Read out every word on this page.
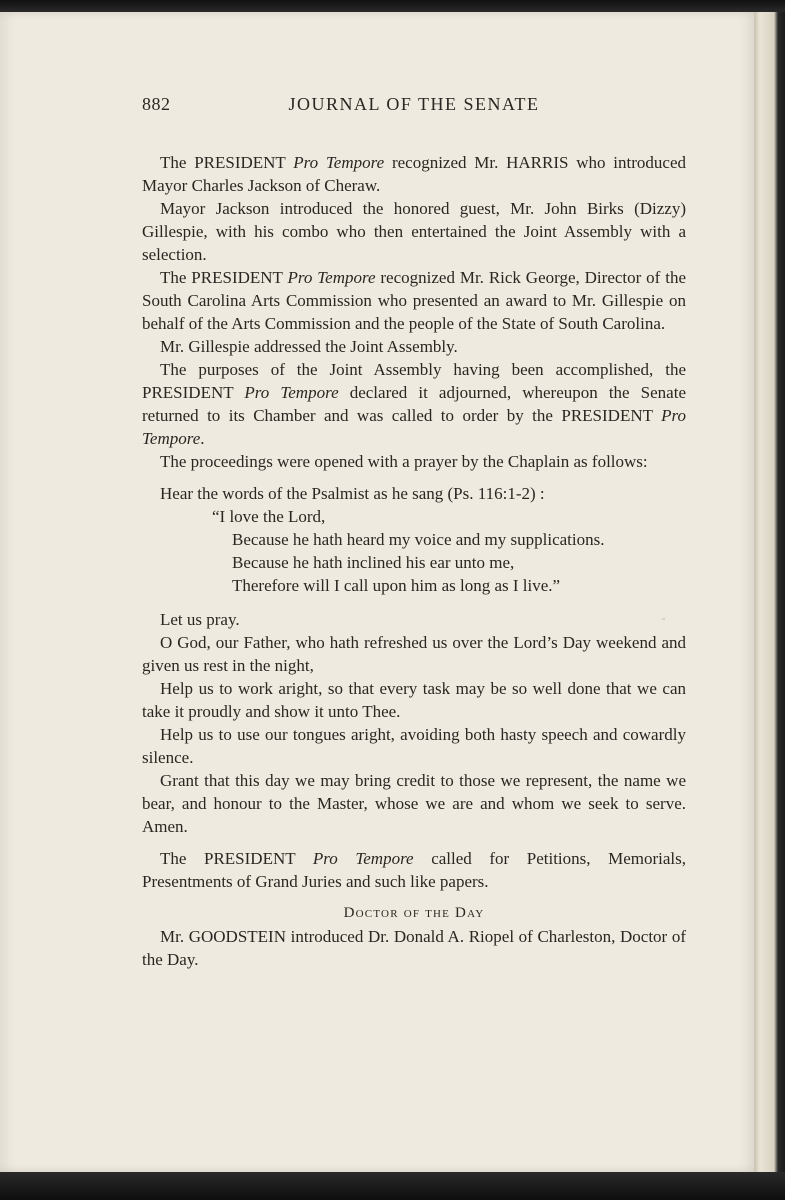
882	JOURNAL OF THE SENATE

The PRESIDENT Pro Tempore recognized Mr. HARRIS who introduced Mayor Charles Jackson of Cheraw.

Mayor Jackson introduced the honored guest, Mr. John Birks (Dizzy) Gillespie, with his combo who then entertained the Joint Assembly with a selection.

The PRESIDENT Pro Tempore recognized Mr. Rick George, Director of the South Carolina Arts Commission who presented an award to Mr. Gillespie on behalf of the Arts Commission and the people of the State of South Carolina.

Mr. Gillespie addressed the Joint Assembly.

The purposes of the Joint Assembly having been accomplished, the PRESIDENT Pro Tempore declared it adjourned, whereupon the Senate returned to its Chamber and was called to order by the PRESIDENT Pro Tempore.

The proceedings were opened with a prayer by the Chaplain as follows:

Hear the words of the Psalmist as he sang (Ps. 116:1-2) :

“I love the Lord,

Because he hath heard my voice and my supplications.

Because he hath inclined his ear unto me,

Therefore will I call upon him as long as I live.”

Let us pray.

O God, our Father, who hath refreshed us over the Lord’s Day weekend and given us rest in the night,

Help us to work aright, so that every task may be so well done that we can take it proudly and show it unto Thee.

Help us to use our tongues aright, avoiding both hasty speech and cowardly silence.

Grant that this day we may bring credit to those we represent, the name we bear, and honour to the Master, whose we are and whom we seek to serve. Amen.

The PRESIDENT Pro Tempore called for Petitions, Memorials, Presentments of Grand Juries and such like papers.

Doctor of the Day

Mr. GOODSTEIN introduced Dr. Donald A. Riopel of Charleston, Doctor of the Day.
